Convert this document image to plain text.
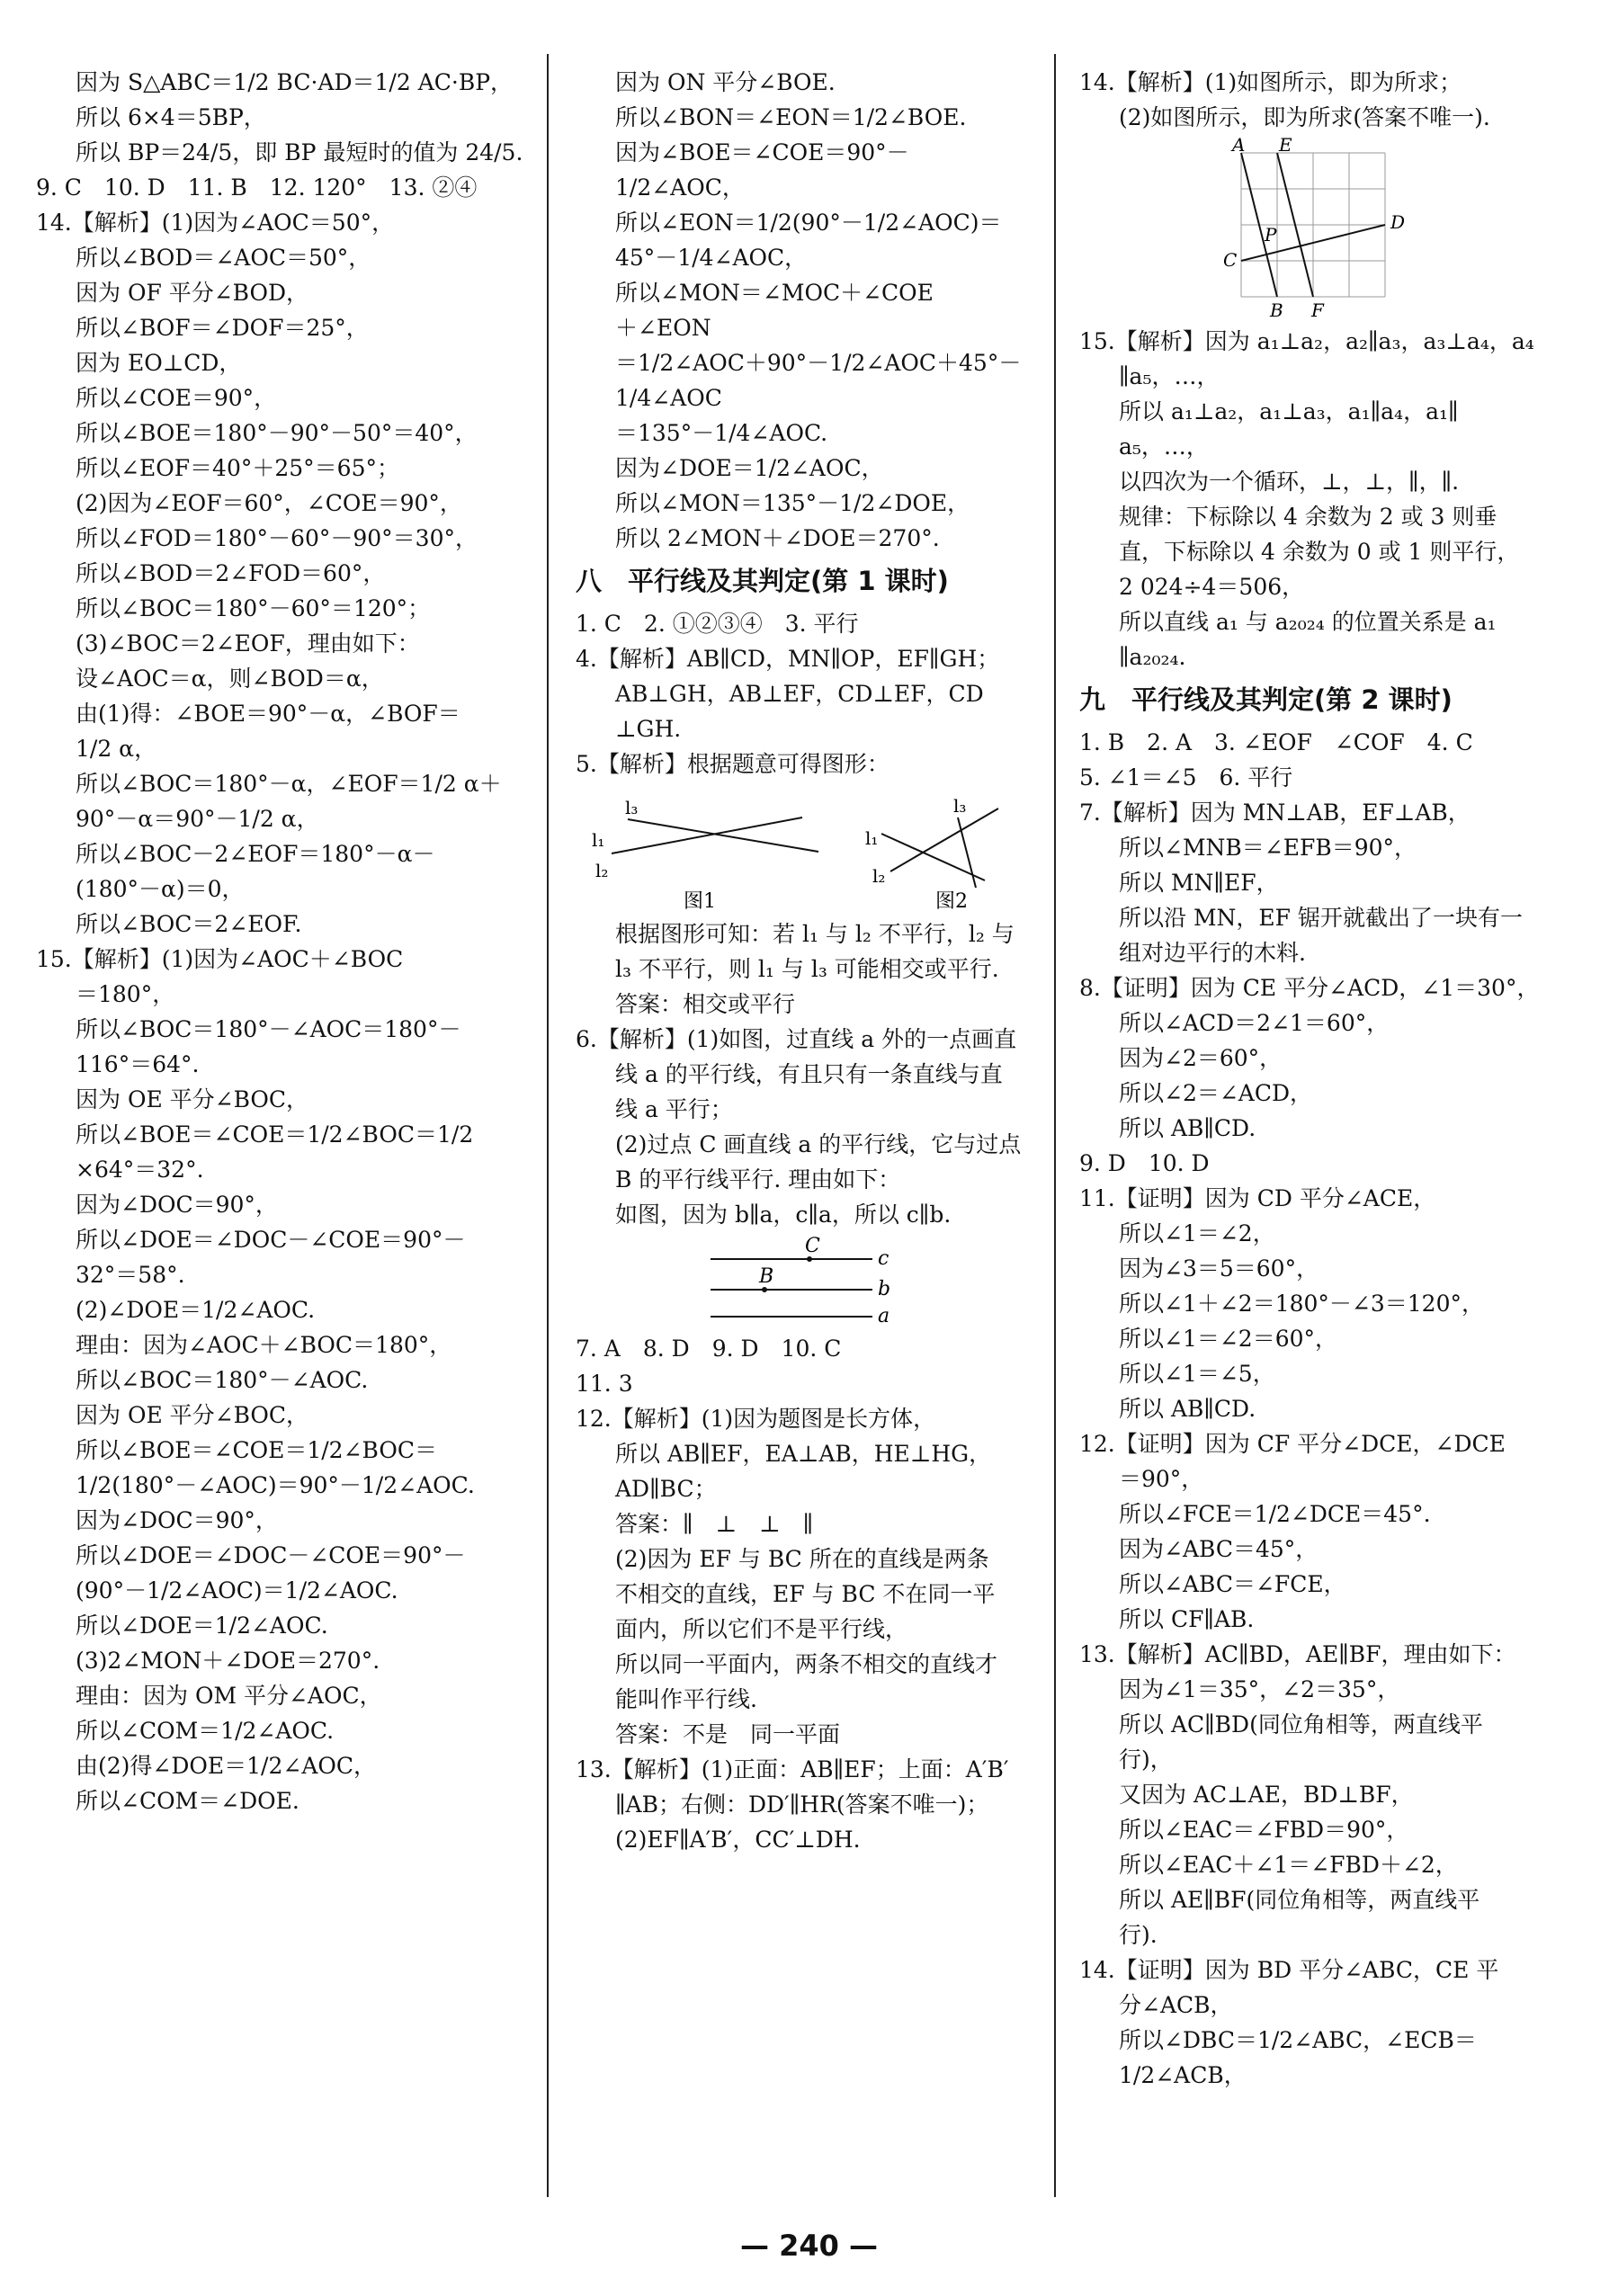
因为 S△ABC＝1/2 BC·AD＝1/2 AC·BP，
所以 6×4＝5BP，
所以 BP＝24/5，即 BP 最短时的值为 24/5.
9. C　10. D　11. B　12. 120°　13. ②④
14.【解析】(1)因为∠AOC＝50°，
所以∠BOD＝∠AOC＝50°，
因为 OF 平分∠BOD，
所以∠BOF＝∠DOF＝25°，
因为 EO⊥CD，
所以∠COE＝90°，
所以∠BOE＝180°－90°－50°＝40°，
所以∠EOF＝40°＋25°＝65°；
(2)因为∠EOF＝60°，∠COE＝90°，
所以∠FOD＝180°－60°－90°＝30°，
所以∠BOD＝2∠FOD＝60°，
所以∠BOC＝180°－60°＝120°；
(3)∠BOC＝2∠EOF，理由如下：
设∠AOC＝α，则∠BOD＝α，
由(1)得：∠BOE＝90°－α，∠BOF＝
1/2 α，
所以∠BOC＝180°－α，∠EOF＝1/2 α＋
90°－α＝90°－1/2 α，
所以∠BOC－2∠EOF＝180°－α－
(180°－α)＝0，
所以∠BOC＝2∠EOF.
15.【解析】(1)因为∠AOC＋∠BOC
＝180°，
所以∠BOC＝180°－∠AOC＝180°－
116°＝64°.
因为 OE 平分∠BOC，
所以∠BOE＝∠COE＝1/2∠BOC＝1/2
×64°＝32°.
因为∠DOC＝90°，
所以∠DOE＝∠DOC－∠COE＝90°－
32°＝58°.
(2)∠DOE＝1/2∠AOC.
理由：因为∠AOC＋∠BOC＝180°，
所以∠BOC＝180°－∠AOC.
因为 OE 平分∠BOC，
所以∠BOE＝∠COE＝1/2∠BOC＝
1/2(180°－∠AOC)＝90°－1/2∠AOC.
因为∠DOC＝90°，
所以∠DOE＝∠DOC－∠COE＝90°－
(90°－1/2∠AOC)＝1/2∠AOC.
所以∠DOE＝1/2∠AOC.
(3)2∠MON＋∠DOE＝270°.
理由：因为 OM 平分∠AOC，
所以∠COM＝1/2∠AOC.
由(2)得∠DOE＝1/2∠AOC，
所以∠COM＝∠DOE.
因为 ON 平分∠BOE.
所以∠BON＝∠EON＝1/2∠BOE.
因为∠BOE＝∠COE＝90°－
1/2∠AOC，
所以∠EON＝1/2(90°－1/2∠AOC)＝
45°－1/4∠AOC，
所以∠MON＝∠MOC＋∠COE
＋∠EON
＝1/2∠AOC＋90°－1/2∠AOC＋45°－
1/4∠AOC
＝135°－1/4∠AOC.
因为∠DOE＝1/2∠AOC，
所以∠MON＝135°－1/2∠DOE，
所以 2∠MON＋∠DOE＝270°.
八　平行线及其判定(第 1 课时)
1. C　2. ①②③④　3. 平行
4.【解析】AB∥CD，MN∥OP，EF∥GH；
AB⊥GH，AB⊥EF，CD⊥EF，CD
⊥GH.
5.【解析】根据题意可得图形：
l₃
l₁
l₂
图1
l₃
l₁
l₂
图2
根据图形可知：若 l₁ 与 l₂ 不平行，l₂ 与
l₃ 不平行，则 l₁ 与 l₃ 可能相交或平行.
答案：相交或平行
6.【解析】(1)如图，过直线 a 外的一点画直
线 a 的平行线，有且只有一条直线与直
线 a 平行；
(2)过点 C 画直线 a 的平行线，它与过点
B 的平行线平行. 理由如下：
如图，因为 b∥a，c∥a，所以 c∥b.
C
B
c
b
a
7. A　8. D　9. D　10. C
11. 3
12.【解析】(1)因为题图是长方体，
所以 AB∥EF，EA⊥AB，HE⊥HG，
AD∥BC；
答案：∥　⊥　⊥　∥
(2)因为 EF 与 BC 所在的直线是两条
不相交的直线，EF 与 BC 不在同一平
面内，所以它们不是平行线，
所以同一平面内，两条不相交的直线才
能叫作平行线.
答案：不是　同一平面
13.【解析】(1)正面：AB∥EF；上面：A′B′
∥AB；右侧：DD′∥HR(答案不唯一)；
(2)EF∥A′B′，CC′⊥DH.
14.【解析】(1)如图所示，即为所求；
(2)如图所示，即为所求(答案不唯一).
A E
P
D
C
B F
15.【解析】因为 a₁⊥a₂，a₂∥a₃，a₃⊥a₄，a₄
∥a₅，…，
所以 a₁⊥a₂，a₁⊥a₃，a₁∥a₄，a₁∥
a₅，…，
以四次为一个循环，⊥，⊥，∥，∥.
规律：下标除以 4 余数为 2 或 3 则垂
直，下标除以 4 余数为 0 或 1 则平行，
2 024÷4＝506，
所以直线 a₁ 与 a₂₀₂₄ 的位置关系是 a₁
∥a₂₀₂₄.
九　平行线及其判定(第 2 课时)
1. B　2. A　3. ∠EOF　∠COF　4. C
5. ∠1＝∠5　6. 平行
7.【解析】因为 MN⊥AB，EF⊥AB，
所以∠MNB＝∠EFB＝90°，
所以 MN∥EF，
所以沿 MN，EF 锯开就截出了一块有一
组对边平行的木料.
8.【证明】因为 CE 平分∠ACD，∠1＝30°，
所以∠ACD＝2∠1＝60°，
因为∠2＝60°，
所以∠2＝∠ACD，
所以 AB∥CD.
9. D　10. D
11.【证明】因为 CD 平分∠ACE，
所以∠1＝∠2，
因为∠3＝5＝60°，
所以∠1＋∠2＝180°－∠3＝120°，
所以∠1＝∠2＝60°，
所以∠1＝∠5，
所以 AB∥CD.
12.【证明】因为 CF 平分∠DCE，∠DCE
＝90°，
所以∠FCE＝1/2∠DCE＝45°.
因为∠ABC＝45°，
所以∠ABC＝∠FCE，
所以 CF∥AB.
13.【解析】AC∥BD，AE∥BF，理由如下：
因为∠1＝35°，∠2＝35°，
所以 AC∥BD(同位角相等，两直线平
行)，
又因为 AC⊥AE，BD⊥BF，
所以∠EAC＝∠FBD＝90°，
所以∠EAC＋∠1＝∠FBD＋∠2，
所以 AE∥BF(同位角相等，两直线平
行).
14.【证明】因为 BD 平分∠ABC，CE 平
分∠ACB，
所以∠DBC＝1/2∠ABC，∠ECB＝
1/2∠ACB，
— 240 —
